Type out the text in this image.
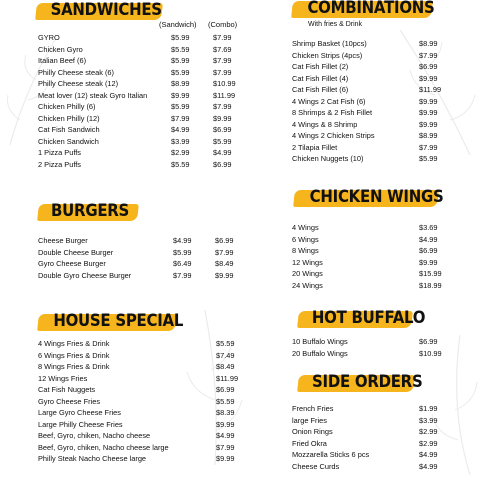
SANDWICHES
(Sandwich) (Combo)
GYRO	$5.99	$7.99
Chicken Gyro	$5.59	$7.69
Italian Beef (6)	$5.99	$7.99
Philly Cheese steak (6)	$5.99	$7.99
Philly Cheese steak (12)	$8.99	$10.99
Meat lover (12) steak Gyro Italian	$9.99	$11.99
Chicken Philly (6)	$5.99	$7.99
Chicken Philly (12)	$7.99	$9.99
Cat Fish Sandwich	$4.99	$6.99
Chicken Sandwich	$3.99	$5.99
1 Pizza Puffs	$2.99	$4.99
2 Pizza Puffs	$5.59	$6.99
BURGERS
Cheese Burger	$4.99	$6.99
Double Cheese Burger	$5.99	$7.99
Gyro Cheese Burger	$6.49	$8.49
Double Gyro Cheese Burger	$7.99	$9.99
HOUSE SPECIAL
4 Wings Fries & Drink	$5.59
6 Wings Fries & Drink	$7.49
8 Wings Fries & Drink	$8.49
12 Wings Fries	$11.99
Cat Fish Nuggets	$6.99
Gyro Cheese Fries	$5.59
Large Gyro Cheese Fries	$8.39
Large Philly Cheese Fries	$9.99
Beef, Gyro, chiken, Nacho cheese	$4.99
Beef, Gyro, chiken, Nacho cheese large	$7.99
Philly Steak Nacho Cheese large	$9.99
COMBINATIONS
With fries & Drink
Shrimp Basket (10pcs)	$8.99
Chicken Strips (4pcs)	$7.99
Cat Fish Fillet (2)	$6.99
Cat Fish Fillet (4)	$9.99
Cat Fish Fillet (6)	$11.99
4 Wings 2 Cat Fish (6)	$9.99
8 Shrimps & 2 Fish Fillet	$9.99
4 Wings & 8 Shrimp	$9.99
4 Wings 2 Chicken Strips	$8.99
2 Tilapia Fillet	$7.99
Chicken Nuggets (10)	$5.99
CHICKEN WINGS
4 Wings	$3.69
6 Wings	$4.99
8 Wings	$6.99
12 Wings	$9.99
20 Wings	$15.99
24 Wings	$18.99
HOT BUFFALO
10 Buffalo Wings	$6.99
20 Buffalo Wings	$10.99
SIDE ORDERS
French Fries	$1.99
large Fries	$3.99
Onion Rings	$2.99
Fried Okra	$2.99
Mozzarella Sticks 6 pcs	$4.99
Cheese Curds	$4.99
